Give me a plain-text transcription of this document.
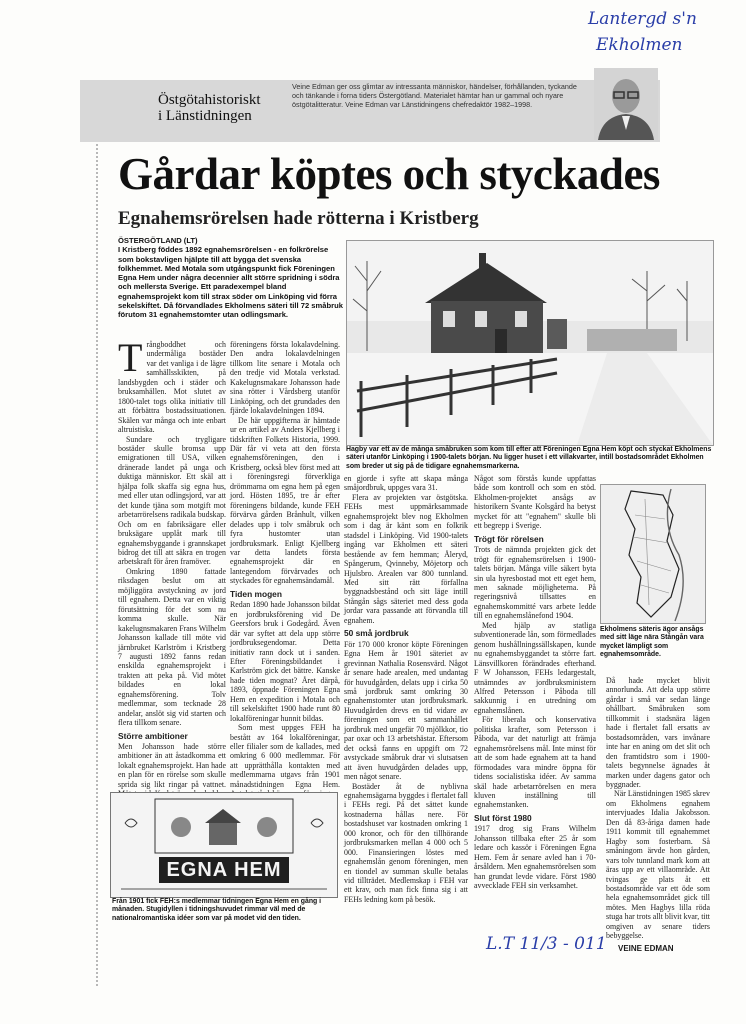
Lantergd s'n
Ekholmen
Östgötahistoriskt
i Länstidningen
Veine Edman ger oss glimtar av intressanta människor, händelser, förhållanden, tyckande och tänkande i forna tiders Östergötland. Materialet hämtar han ur gammal och nyare östgötalitteratur. Veine Edman var Länstidningens chefredaktör 1982–1998.
Gårdar köptes och styckades
Egnahemsrörelsen hade rötterna i Kristberg
ÖSTERGÖTLAND (LT)
I Kristberg föddes 1892 egnahemsrörelsen - en folkrörelse som bokstavligen hjälpte till att bygga det svenska folkhemmet. Med Motala som utgångspunkt fick Föreningen Egna Hem under några decennier allt större spridning i södra och mellersta Sverige. Ett paradexempel bland egnahemsprojekt kom till strax söder om Linköping vid förra sekelskiftet. Då förvandlades Ekholmens säteri till 72 småbruk förutom 31 egnahemstomter utan odlingsmark.
Hagby var ett av de många småbruken som kom till efter att Föreningen Egna Hem köpt och styckat Ekholmens säteri utanför Linköping i 1900-talets början. Nu ligger huset i ett villakvarter, intill bostadsområdet Ekholmen som breder ut sig på de tidigare egnahemsmarkerna.

Trångboddhet och undermåliga bostäder var det vanliga i de lägre samhällsskikten, på landsbygden och i städer och bruksamhällen. Mot slutet av 1800-talet togs olika initiativ till att förbättra bostadssituationen. Skälen var många och inte enbart altruistiska.

Sundare och trygligare bostäder skulle bromsa upp emigrationen till USA, vilken dränerade landet på unga och duktiga människor. Ett skäl att hjälpa folk skaffa sig egna hus, med eller utan odlingsjord, var att det kunde tjäna som motgift mot arbetarrörelsens radikala budskap. Och om en fabriksägare eller bruksägare upplåt mark till egnahemsbyggande i grannskapet bidrog det till att säkra en trogen arbetskraft för åren framöver.

Omkring 1890 fattade riksdagen beslut om att möjliggöra avstyckning av jord till egnahem. Detta var en viktig förutsättning för det som nu komma skulle. När kakelugnsmakaren Frans Wilhelm Johansson kallade till möte vid järnbruket Karlström i Kristberg 7 augusti 1892 fanns redan enskilda egnahemsprojekt i trakten att peka på. Vid mötet bildades en lokal egnahemsförening. Tolv medlemmar, som tecknade 28 andelar, anslöt sig vid starten och flera tillkom senare.

Större ambitioner

Men Johansson hade större ambitioner än att åstadkomma ett lokalt egnahemsprojekt. Han hade en plan för en rörelse som skulle sprida sig likt ringar på vattnet.

föreningens första lokalavdelning. Den andra lokalavdelningen tillkom lite senare i Motala och den tredje vid Motala verkstad. Kakelugnsmakare Johansson hade sina rötter i Vårdsberg utanför Linköping, och det grundades den fjärde lokalavdelningen 1894.

De här uppgifterna är hämtade ur en artikel av Anders Kjellberg i tidskriften Folkets Historia, 1999. Där får vi veta att den första egnahemsföreningen, den i Kristberg, också blev först med att i föreningsregi förverkliga drömmarna om egna hem på egen jord. Hösten 1895, tre år efter föreningens bildande, kunde FEH förvärva gården Brånhult, vilken delades upp i tolv småbruk och fyra hustomter utan jordbruksmark. Enligt Kjellberg var detta landets första egnahemsprojekt där en lantegendom förvärvades och styckades för egnahemsändamål.

Tiden mogen

Redan 1890 hade Johansson bildat en jordbruksförening vid De Geersfors bruk i Godegård. Även där var syftet att dela upp större jordbruksegendomar. Detta initiativ rann dock ut i sanden. Efter Föreningsbildandet i Karlström gick det bättre. Kanske hade tiden mognat? Året därpå, 1893, öppnade Föreningen Egna Hem en expedition i Motala och till sekelskiftet 1900 hade runt 80 lokalföreningar hunnit bildas.

Som mest uppges FEH ha bestått av 164 lokalföreningar, eller filialer som de kallades, med omkring 6 000 medlemmar. För att upprätthålla kontakten med medlemmarna utgavs från 1901 månadstidningen Egna Hem.

en gjorde i syfte att skapa många småjordbruk, uppges vara 31.

Flera av projekten var östgötska. FEHs mest uppmärksammade egnahemsprojekt blev nog Ekholmen som i dag är känt som en folkrik stadsdel i Linköping. Vid 1900-talets ingång var Ekholmen ett säteri bestående av fem hemman; Åleryd, Spångerum, Qvinneby, Möjetorp och Hjulsbro. Arealen var 800 tunnland. Med sitt rätt förfallna byggnadsbestånd och sitt läge intill Stångån sågs säteriet med dess goda jordar vara passande att förvandla till egnahem.

50 små jordbruk

För 170 000 kronor köpte Föreningen Egna Hem år 1901 säteriet av grevinnan Nathalia Rosensvärd. Något år senare hade arealen, med undantag för huvudgården, delats upp i cirka 50 små jordbruk samt omkring 30 egnahemstomter utan jordbruksmark. Huvudgården drevs en tid vidare av föreningen som ett sammanhållet jordbruk med ungefär 70 mjölkkor, tio par oxar och 13 arbetshästar. Eftersom det också fanns en uppgift om 72 avstyckade småbruk drar vi slutsatsen att även huvudgården delades upp, men något senare.

Bostäder åt de nyblivna egnahemsägarna byggdes i flertalet fall i FEHs regi. På det sättet kunde kostnaderna hållas nere. För bostadshuset var kostnaden omkring 1 000 kronor, och för den tillhörande jordbruksmarken mellan 4 000 och 5 000. Finansieringen löstes med egnahemslån genom föreningen, men en tiondel av summan skulle betalas vid tillträdet. Medlemskap i FEH var ett krav, och man fick finna sig i att FEHs ledning kom på besök.

Något som förstås kunde uppfattas både som kontroll och som en stöd. Ekholmen-projektet ansågs av historikern Svante Kolsgård ha betyst mycket för att "egnahem" skulle bli ett begrepp i Sverige.

Trögt för rörelsen

Trots de nämnda projekten gick det trögt för egnahemsrörelsen i 1900-talets början. Många ville säkert byta sin ula hyresbostad mot ett eget hem, men saknade möjligheterna. På regeringsnivå tillsattes en egnahemskommitté vars arbete ledde till en egnahemslånefond 1904.

Med hjälp av statliga subventionerade lån, som förmedlades genom hushållningssällskapen, kunde nu egnahemsbyggandet ta större fart. Länsvillkoren förändrades efterhand. F W Johansson, FEHs ledargestalt, utnämndes av jordbruksministern Alfred Petersson i Påboda till sakkunnig i en utredning om egnahemslånen.

För liberala och konservativa politiska krafter, som Petersson i Påboda, var det naturligt att främja egnahemsrörelsens mål. Inte minst för att de som hade egnahem att ta hand förmodades vara mindre öppna för tidens socialistiska idéer. Av samma skäl hade arbetarrörelsen en mera kluven inställning till egnahemstanken.

Slut först 1980

1917 drog sig Frans Wilhelm Johansson tillbaka efter 25 år som ledare och kassör i Föreningen Egna Hem. Fem år senare avled han i 70-årsåldern. Men egnahemsrörelsen som han grundat levde vidare. Först 1980 avvecklade FEH sin verksamhet.

Ekholmens säteris ägor ansågs med sitt läge nära Stångån vara mycket lämpligt som egnahemsområde.

Då hade mycket blivit annorlunda. Att dela upp större gårdar i små var sedan länge ohållbart. Småbruken som tillkommit i stadsnära lägen hade i flertalet fall ersatts av bostadsområden, vars invånare inte har en aning om det slit och den framtidstro som i 1900-talets begynnelse ägnades åt marken under dagens gator och byggnader.

När Länstidningen 1985 skrev om Ekholmens egnahem intervjuades Idalia Jakobsson. Den då 83-åriga damen hade 1911 kommit till egnahemmet Hagby som fosterbarn. Så småningom ärvde hon gården, vars tolv tunnland mark kom att äras upp av ett villaområde. Att tvingas ge plats åt ett bostadsområde var ett öde som hela egnahemsområdet gick till mötes. Men Hagbys lilla röda stuga har trots allt blivit kvar, titt omgiven av senare tiders bebyggelse.

EGNA HEM
Från 1901 fick FEH:s medlemmar tidningen Egna Hem en gång i månaden. Stugidyllen i tidningshuvudet rimmar väl med de nationalromantiska idéer som var på modet vid den tiden.
VEINE EDMAN
L.T 11/3 - 011
